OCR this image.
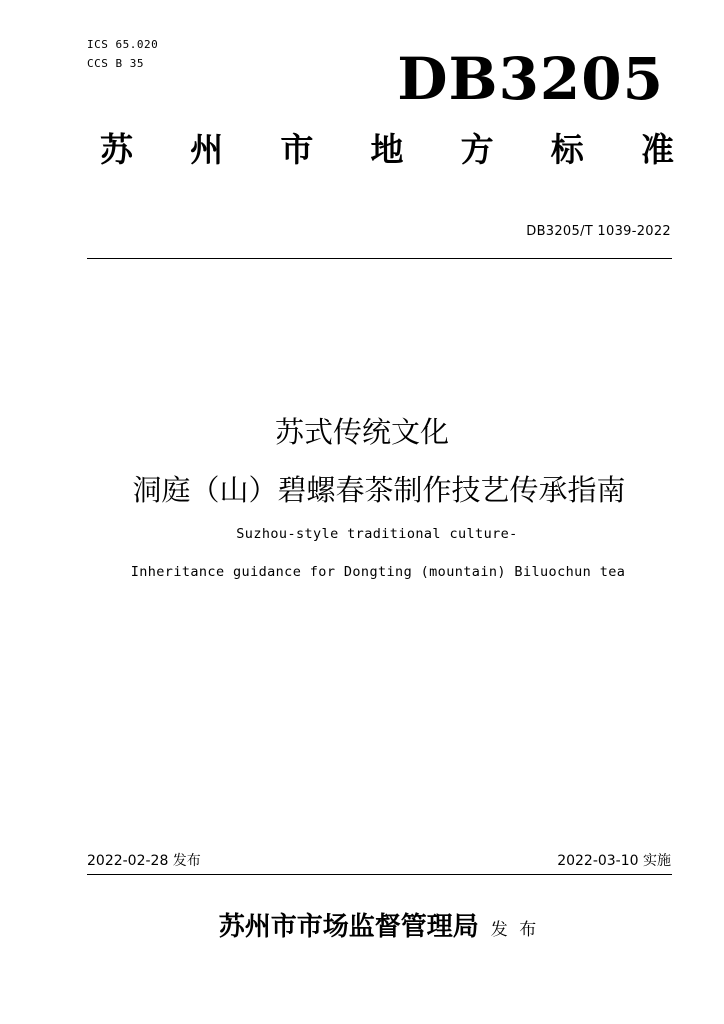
ICS 65.020
CCS B 35	DB3205
苏 州 市 地 方 标 准
DB3205/T 1039-2022
苏式传统文化
洞庭（山）碧螺春茶制作技艺传承指南
Suzhou-style traditional culture-
Inheritance guidance for Dongting (mountain) Biluochun tea
2022-02-28 发布	2022-03-10 实施
苏州市市场监督管理局 发 布
